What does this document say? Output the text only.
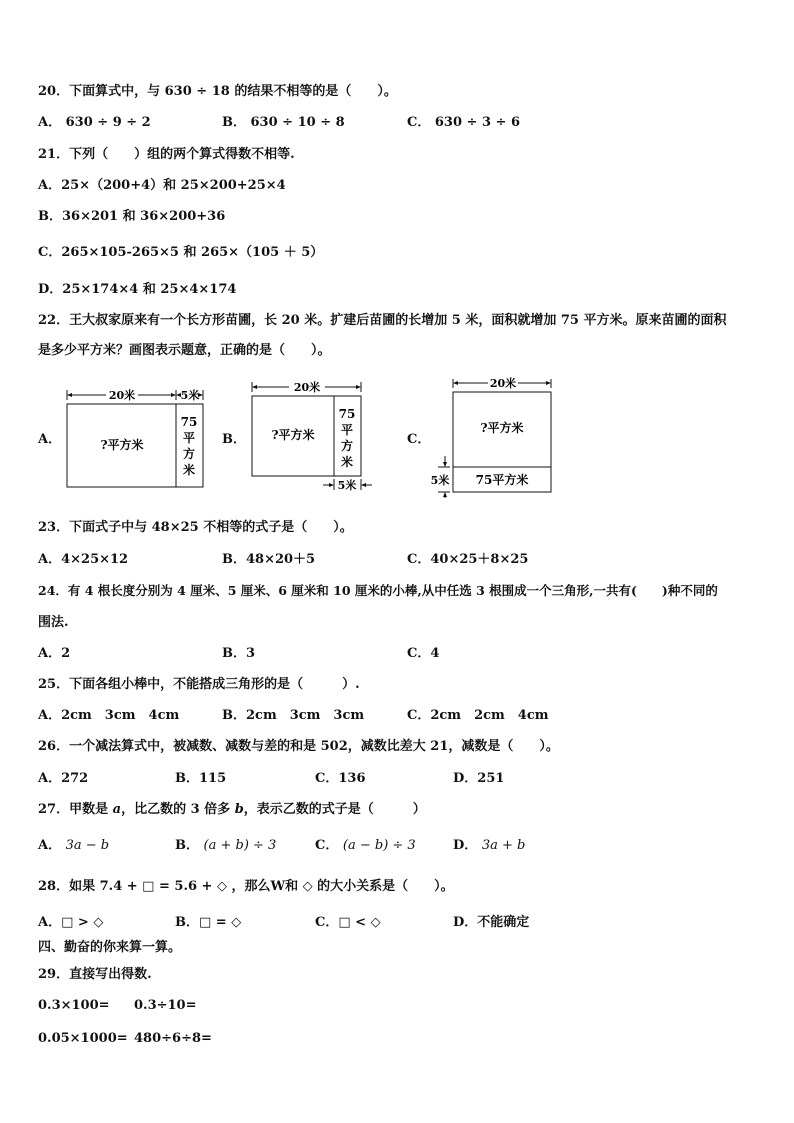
20．下面算式中，与 630 ÷ 18 的结果不相等的是（　　）。
A． 630 ÷ 9 ÷ 2	B． 630 ÷ 10 ÷ 8	C． 630 ÷ 3 ÷ 6
21．下列（　　）组的两个算式得数不相等.
A．25×（200+4）和 25×200+25×4
B．36×201 和 36×200+36
C．265×105-265×5 和 265×（105 ＋ 5）
D．25×174×4 和 25×4×174
22．王大叔家原来有一个长方形苗圃，长 20 米。扩建后苗圃的长增加 5 米，面积就增加 75 平方米。原来苗圃的面积
是多少平方米？画图表示题意，正确的是（　　）。
A．	B．	C．
20米	5米
?平方米
75
平
方
米
20米
?平方米
75
平
方
米
5米
20米
?平方米
5米 75平方米
23．下面式子中与 48×25 不相等的式子是（　　）。
A．4×25×12	B．48×20＋5	C．40×25＋8×25
24．有 4 根长度分别为 4 厘米、5 厘米、6 厘米和 10 厘米的小棒,从中任选 3 根围成一个三角形,一共有(　　)种不同的
围法.
A．2	B．3	C．4
25．下面各组小棒中，不能搭成三角形的是（　　　）.
A．2cm　3cm　4cm	B．2cm　3cm　3cm	C．2cm　2cm　4cm
26．一个减法算式中，被减数、减数与差的和是 502，减数比差大 21，减数是（　　）。
A．272	B．115	C．136	D．251
27．甲数是 a，比乙数的 3 倍多 b，表示乙数的式子是（　　　）
A． 3a − b	B． (a + b) ÷ 3	C． (a − b) ÷ 3	D． 3a + b
28．如果 7.4 + □ = 5.6 + ◇ ，那么W和 ◇ 的大小关系是（　　）。
A．□ > ◇	B．□ = ◇	C．□ < ◇	D．不能确定
四、勤奋的你来算一算。
29．直接写出得数.
0.3×100= 0.3÷10=
0.05×1000= 480÷6÷8=
